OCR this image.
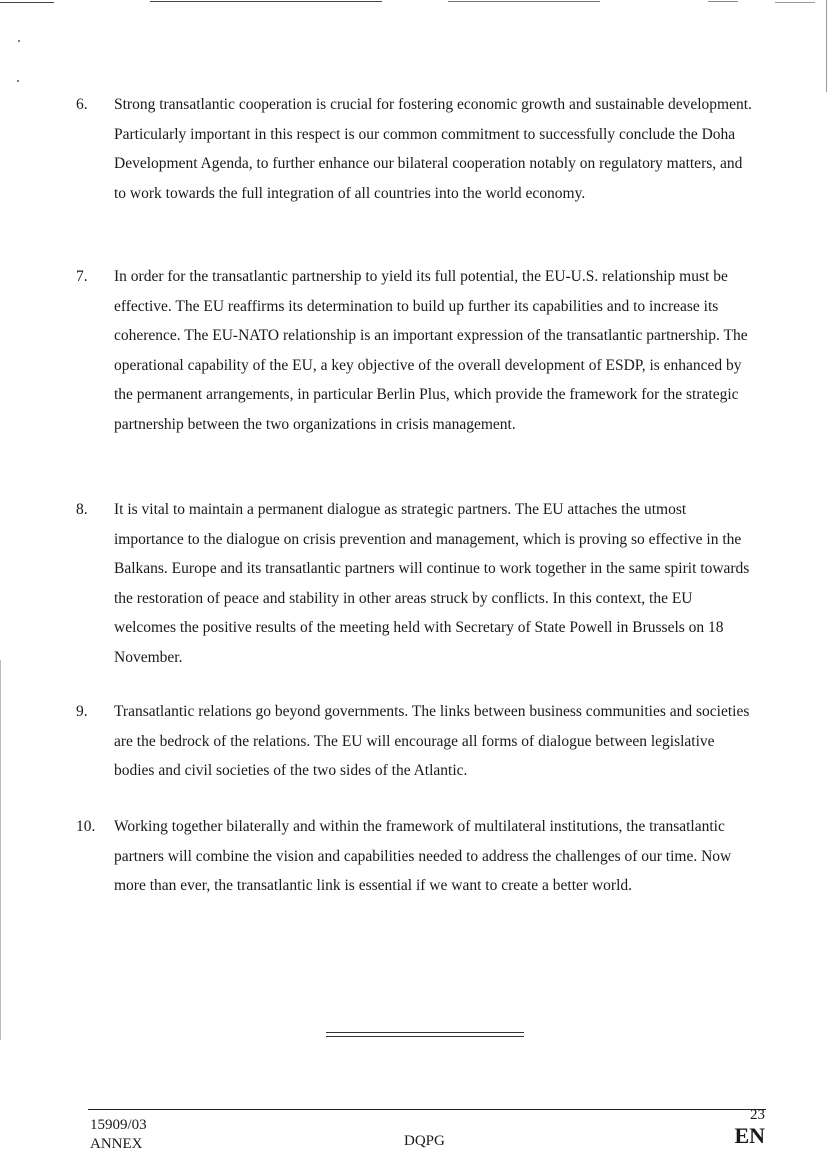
6. Strong transatlantic cooperation is crucial for fostering economic growth and sustainable development. Particularly important in this respect is our common commitment to successfully conclude the Doha Development Agenda, to further enhance our bilateral cooperation notably on regulatory matters, and to work towards the full integration of all countries into the world economy.

7. In order for the transatlantic partnership to yield its full potential, the EU-U.S. relationship must be effective. The EU reaffirms its determination to build up further its capabilities and to increase its coherence. The EU-NATO relationship is an important expression of the transatlantic partnership. The operational capability of the EU, a key objective of the overall development of ESDP, is enhanced by the permanent arrangements, in particular Berlin Plus, which provide the framework for the strategic partnership between the two organizations in crisis management.

8. It is vital to maintain a permanent dialogue as strategic partners. The EU attaches the utmost importance to the dialogue on crisis prevention and management, which is proving so effective in the Balkans. Europe and its transatlantic partners will continue to work together in the same spirit towards the restoration of peace and stability in other areas struck by conflicts. In this context, the EU welcomes the positive results of the meeting held with Secretary of State Powell in Brussels on 18 November.

9. Transatlantic relations go beyond governments. The links between business communities and societies are the bedrock of the relations. The EU will encourage all forms of dialogue between legislative bodies and civil societies of the two sides of the Atlantic.

10. Working together bilaterally and within the framework of multilateral institutions, the transatlantic partners will combine the vision and capabilities needed to address the challenges of our time. Now more than ever, the transatlantic link is essential if we want to create a better world.

15909/03
ANNEX	DQPG
23
EN
